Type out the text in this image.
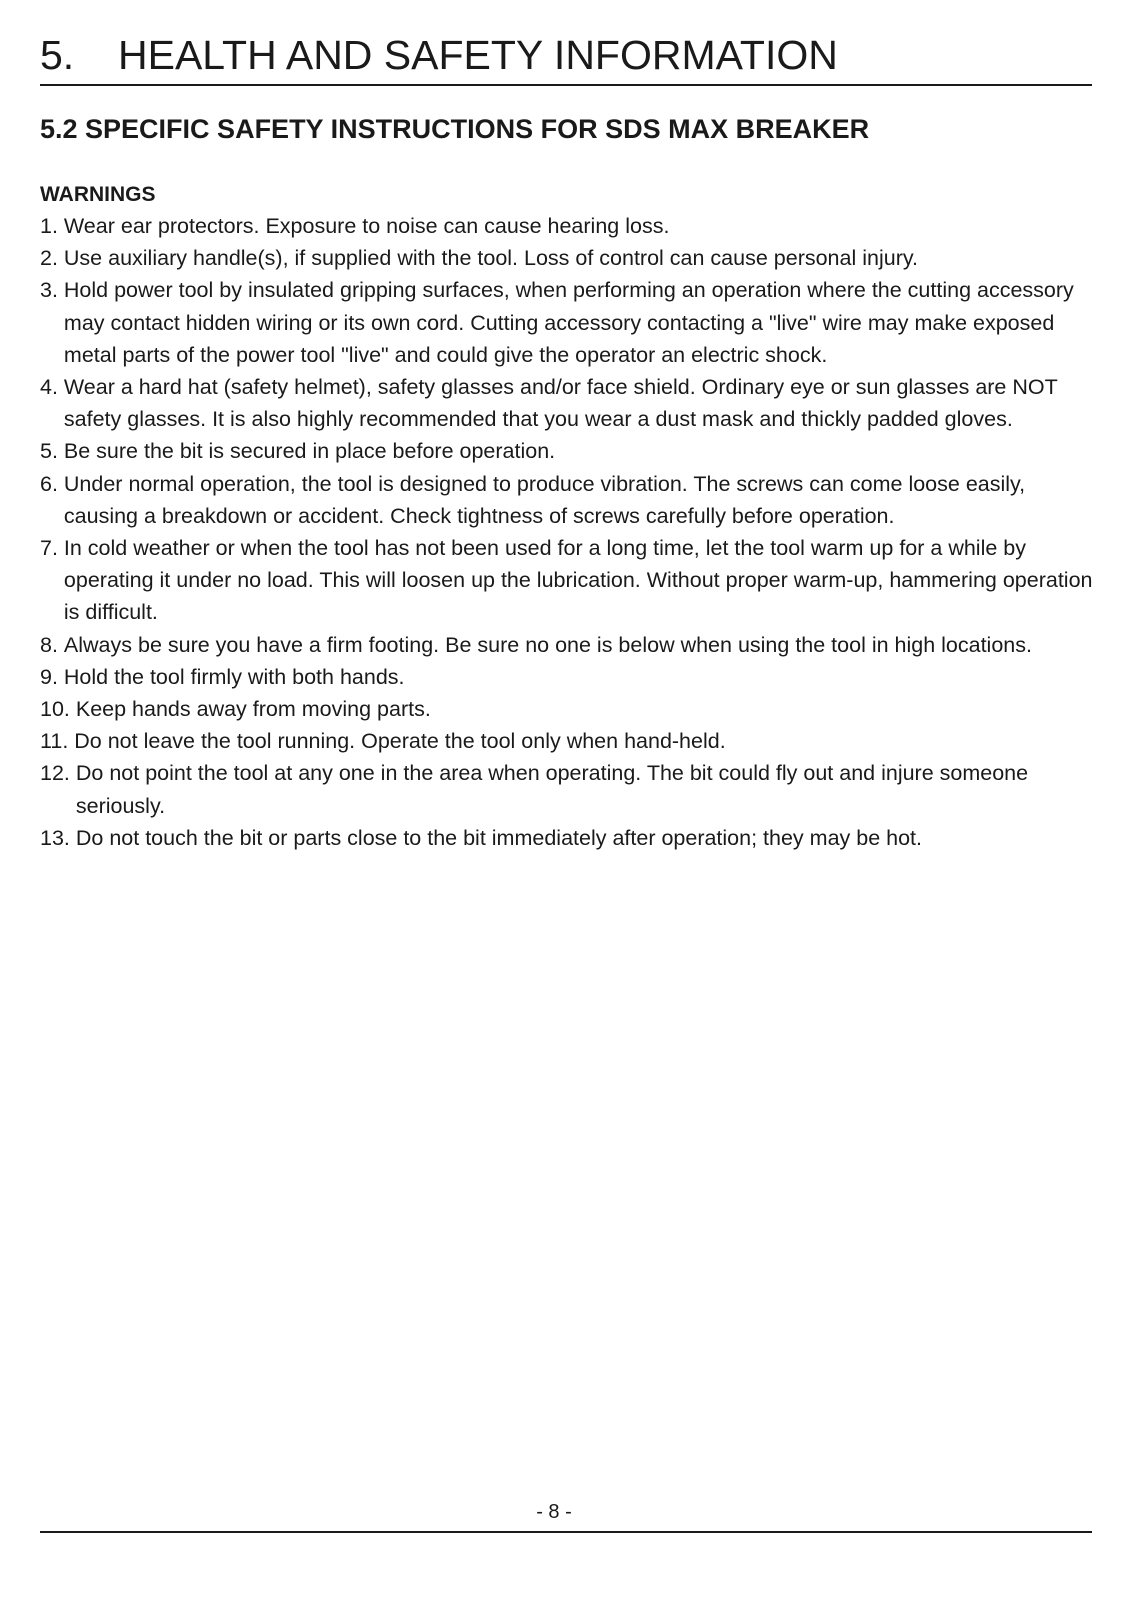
5. HEALTH AND SAFETY INFORMATION
5.2 SPECIFIC SAFETY INSTRUCTIONS FOR SDS MAX BREAKER
WARNINGS
1. Wear ear protectors. Exposure to noise can cause hearing loss.
2. Use auxiliary handle(s), if supplied with the tool. Loss of control can cause personal injury.
3. Hold power tool by insulated gripping surfaces, when performing an operation where the cutting accessory may contact hidden wiring or its own cord. Cutting accessory contacting a "live" wire may make exposed metal parts of the power tool "live" and could give the operator an electric shock.
4. Wear a hard hat (safety helmet), safety glasses and/or face shield. Ordinary eye or sun glasses are NOT safety glasses. It is also highly recommended that you wear a dust mask and thickly padded gloves.
5. Be sure the bit is secured in place before operation.
6. Under normal operation, the tool is designed to produce vibration. The screws can come loose easily, causing a breakdown or accident. Check tightness of screws carefully before operation.
7. In cold weather or when the tool has not been used for a long time, let the tool warm up for a while by operating it under no load. This will loosen up the lubrication. Without proper warm-up, hammering operation is difficult.
8. Always be sure you have a firm footing. Be sure no one is below when using the tool in high locations.
9. Hold the tool firmly with both hands.
10. Keep hands away from moving parts.
11. Do not leave the tool running. Operate the tool only when hand-held.
12. Do not point the tool at any one in the area when operating. The bit could fly out and injure someone seriously.
13. Do not touch the bit or parts close to the bit immediately after operation; they may be hot.
- 8 -
